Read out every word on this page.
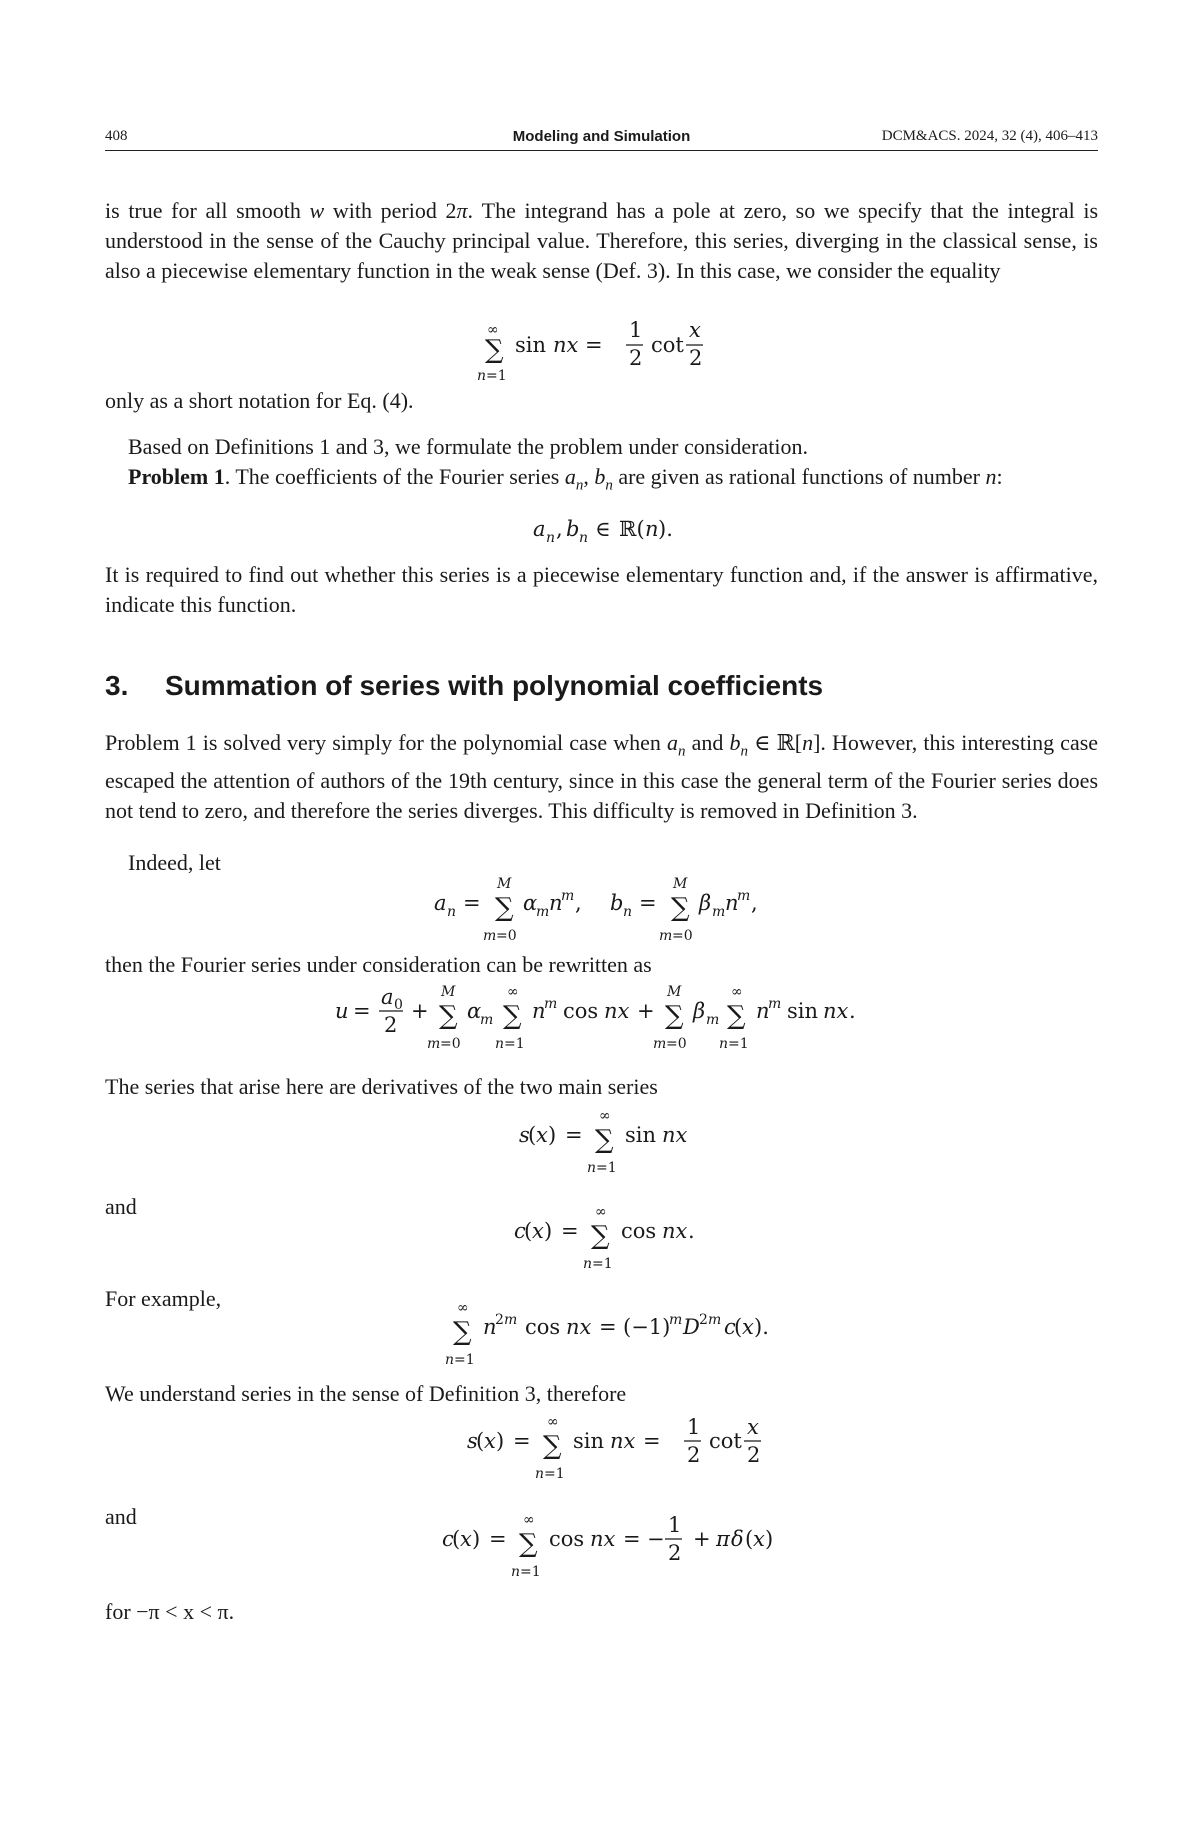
408	Modeling and Simulation	DCM&ACS. 2024, 32 (4), 406–413

is true for all smooth w with period 2π. The integrand has a pole at zero, so we specify that the integral is understood in the sense of the Cauchy principal value. Therefore, this series, diverging in the classical sense, is also a piecewise elementary function in the weak sense (Def. 3). In this case, we consider the equality

∞
∑
n =1
sin nx =
1
2
cot
x
2
only as a short notation for Eq. (4).
Based on Definitions 1 and 3, we formulate the problem under consideration.
Problem 1. The coefficients of the Fourier series $a_n$, $b_n$ are given as rational functions of number n:
a n , b n ∈ ℝ( n ).

It is required to find out whether this series is a piecewise elementary function and, if the answer is affirmative, indicate this function.

3. Summation of series with polynomial coefficients

Problem 1 is solved very simply for the polynomial case when $a_n$ and $b_n$ ∈ ℝ[n]. However, this interesting case escaped the attention of authors of the 19th century, since in this case the general term of the Fourier series does not tend to zero, and therefore the series diverges. This difficulty is removed in Definition 3.

Indeed, let
a n =
M
∑
m =0
α
m n
m , b n =
M
∑
m =0
β m n
m ,
then the Fourier series under consideration can be rewritten as
u =
a 0
2
+
M
∑
m =0
α
m
∞
∑
n =1
n
m cos nx +
M
∑
m =0
β m
∞
∑
n =1
n
m sin nx .
The series that arise here are derivatives of the two main series
s
( x ) =
∞
∑
n =1
sin nx
and
c
( x ) =
∞
∑
n =1
cos nx .
For example,	∞
∑
n =1
n
2 m cos nx = (−1)
m D 2 m c
( x ).
We understand series in the sense of Definition 3, therefore
s
( x ) =
∞
∑
n =1
sin nx =
1
2
cot
x
2
and
c
( x ) =
∞
∑
n =1
cos nx = −
1
2
+ π δ ( x )
for −π < x < π.
